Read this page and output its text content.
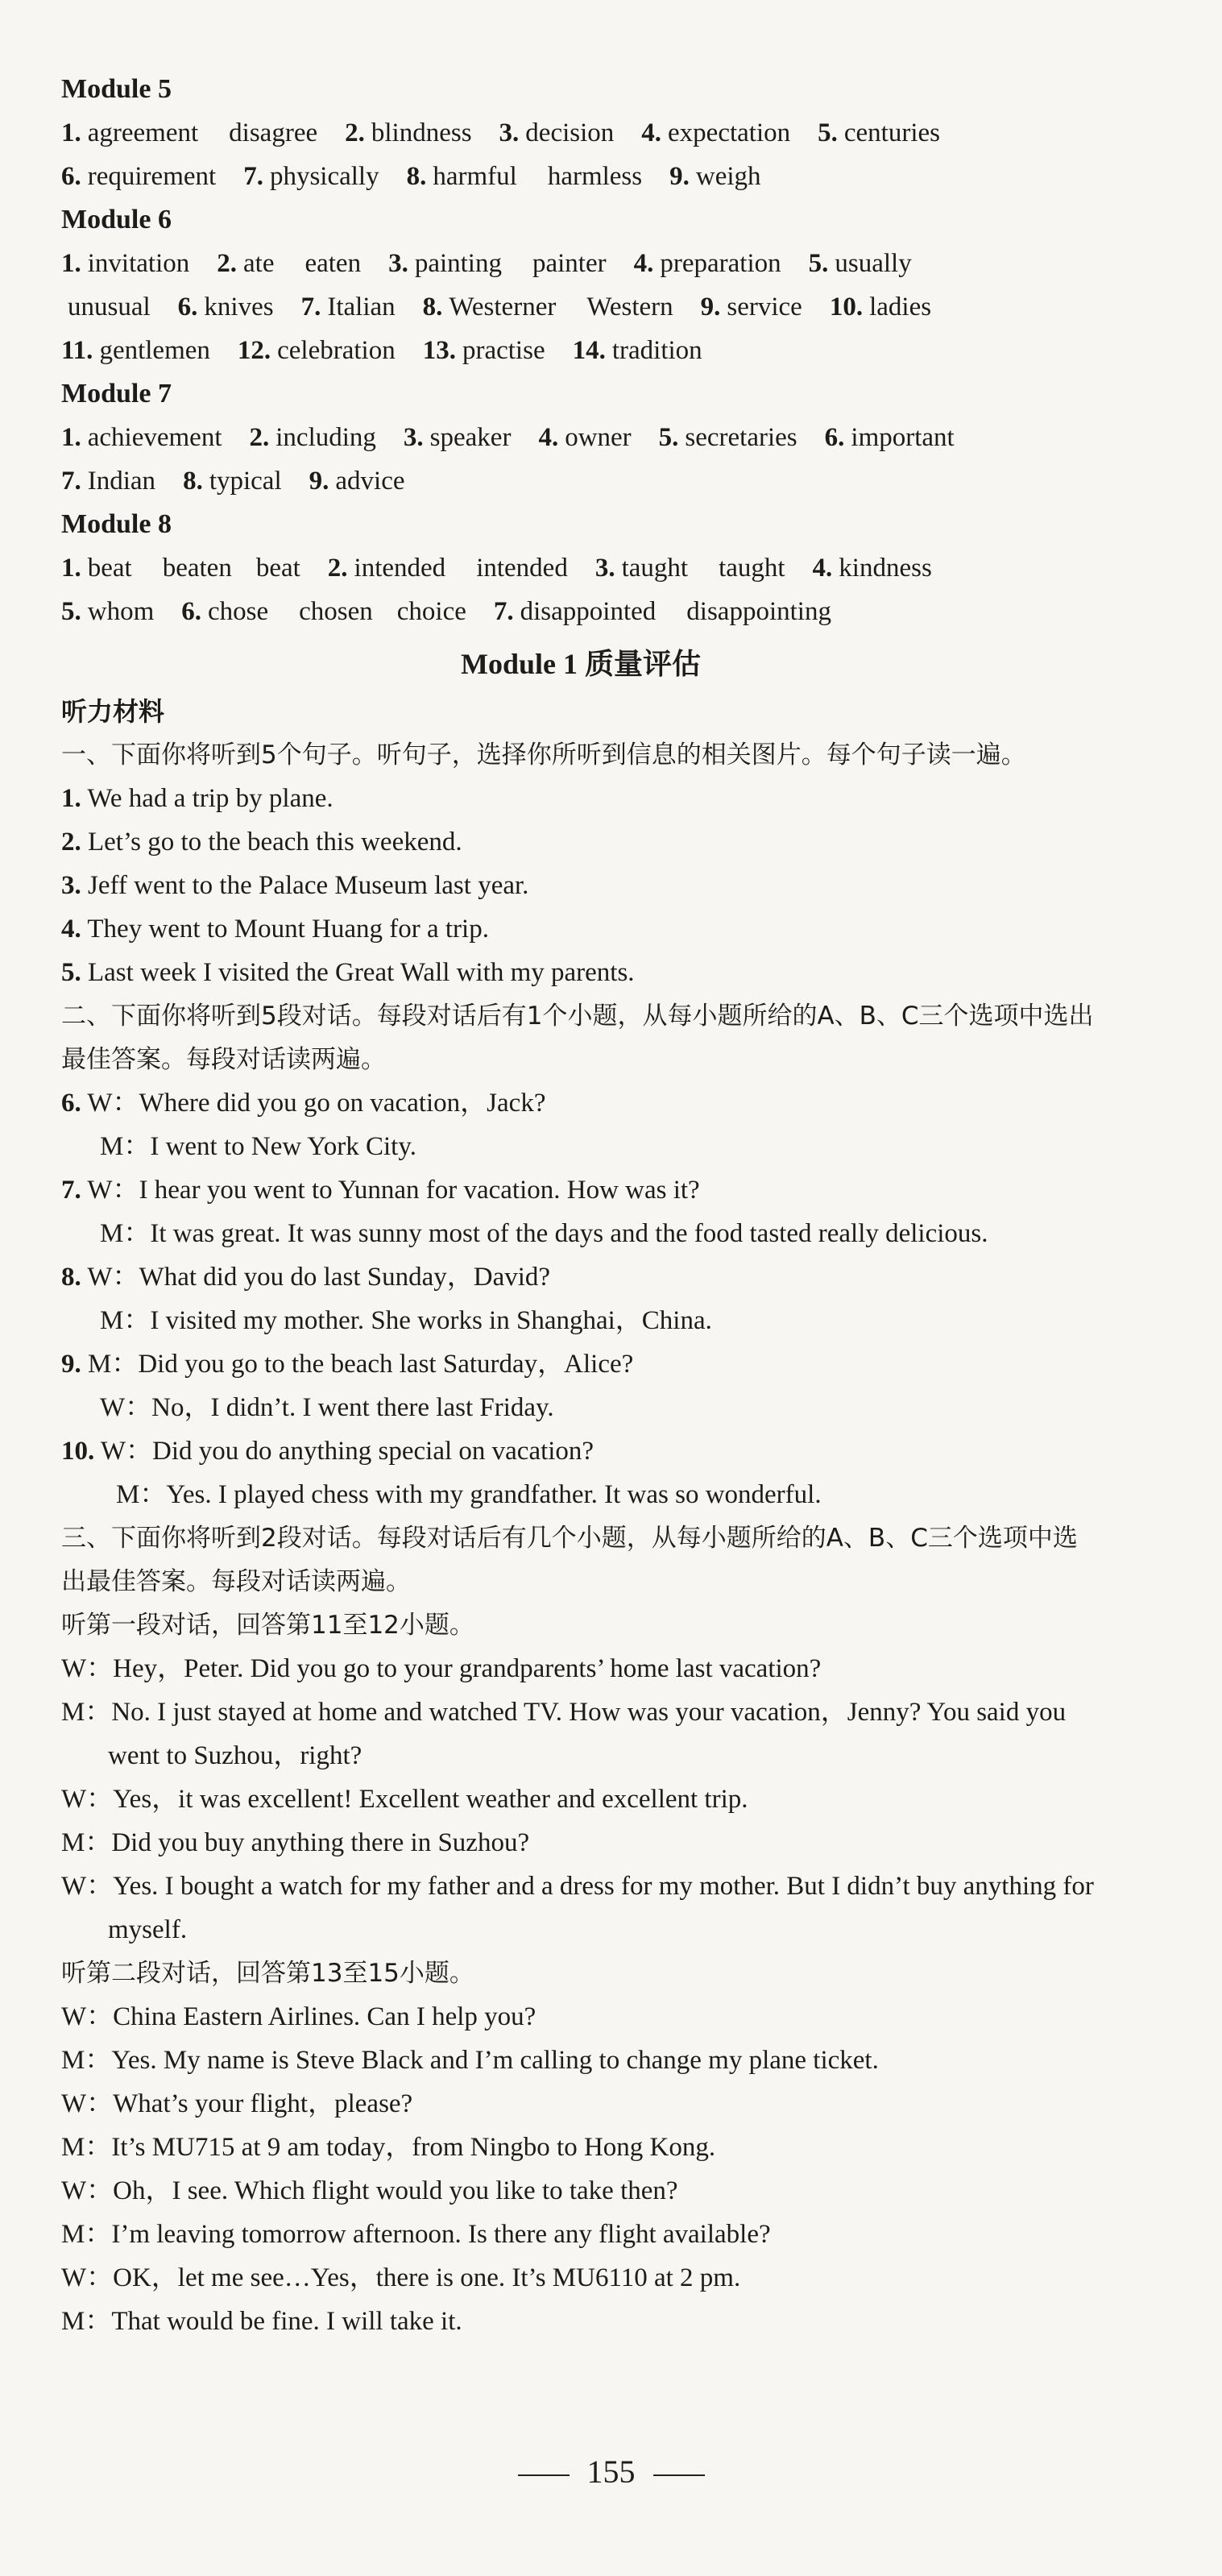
Module 5
1. agreement disagree 2. blindness 3. decision 4. expectation 5. centuries
6. requirement 7. physically 8. harmful harmless 9. weigh
Module 6
1. invitation 2. ate eaten 3. painting painter 4. preparation 5. usually
unusual 6. knives 7. Italian 8. Westerner Western 9. service 10. ladies
11. gentlemen 12. celebration 13. practise 14. tradition
Module 7
1. achievement 2. including 3. speaker 4. owner 5. secretaries 6. important
7. Indian 8. typical 9. advice
Module 8
1. beat beaten beat 2. intended intended 3. taught taught 4. kindness
5. whom 6. chose chosen choice 7. disappointed disappointing
Module 1 质量评估
听力材料
一、下面你将听到5个句子。听句子，选择你所听到信息的相关图片。每个句子读一遍。
1. We had a trip by plane.
2. Let’s go to the beach this weekend.
3. Jeff went to the Palace Museum last year.
4. They went to Mount Huang for a trip.
5. Last week I visited the Great Wall with my parents.
二、下面你将听到5段对话。每段对话后有1个小题，从每小题所给的A、B、C三个选项中选出最佳答案。每段对话读两遍。
6. W：Where did you go on vacation，Jack?
M：I went to New York City.
7. W：I hear you went to Yunnan for vacation. How was it?
M：It was great. It was sunny most of the days and the food tasted really delicious.
8. W：What did you do last Sunday，David?
M：I visited my mother. She works in Shanghai，China.
9. M：Did you go to the beach last Saturday，Alice?
W：No，I didn’t. I went there last Friday.
10. W：Did you do anything special on vacation?
M：Yes. I played chess with my grandfather. It was so wonderful.
三、下面你将听到2段对话。每段对话后有几个小题，从每小题所给的A、B、C三个选项中选出最佳答案。每段对话读两遍。
听第一段对话，回答第11至12小题。
W：Hey，Peter. Did you go to your grandparents’ home last vacation?
M：No. I just stayed at home and watched TV. How was your vacation，Jenny? You said you went to Suzhou，right?
W：Yes，it was excellent! Excellent weather and excellent trip.
M：Did you buy anything there in Suzhou?
W：Yes. I bought a watch for my father and a dress for my mother. But I didn’t buy anything for myself.
听第二段对话，回答第13至15小题。
W：China Eastern Airlines. Can I help you?
M：Yes. My name is Steve Black and I’m calling to change my plane ticket.
W：What’s your flight，please?
M：It’s MU715 at 9 am today，from Ningbo to Hong Kong.
W：Oh，I see. Which flight would you like to take then?
M：I’m leaving tomorrow afternoon. Is there any flight available?
W：OK，let me see…Yes，there is one. It’s MU6110 at 2 pm.
M：That would be fine. I will take it.
155
